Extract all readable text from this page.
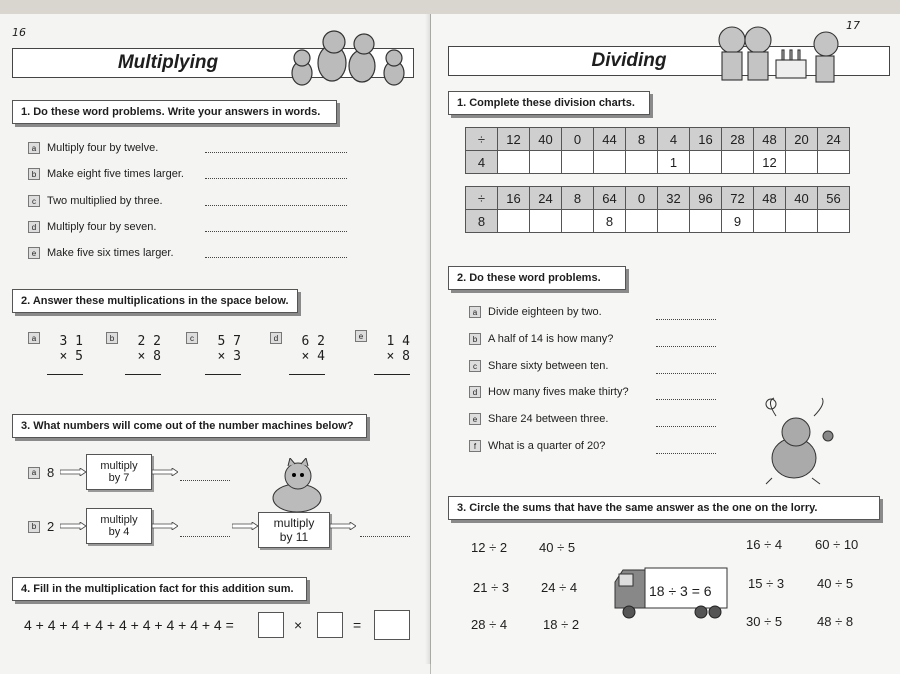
16
Multiplying
1. Do these word problems. Write your answers in words.
a Multiply four by twelve.
b Make eight five times larger.
c	Two multiplied by three.
d Multiply four by seven.
e Make five six times larger.
2. Answer these multiplications in the space below.
a	3 1
× 5
b	2 2
× 8
c	5 7
× 3
d	6 2
× 4
e	1 4
× 8
3. What numbers will come out of the number machines below?
a 8	multiply
by 7
b 2	multiply
by 4
multiply
by 11
4. Fill in the multiplication fact for this addition sum.
4 + 4 + 4 + 4 + 4 + 4 + 4 + 4 + 4 =	×	=
17
Dividing
1. Complete these division charts.
÷	12	40	0	44	8	4	16	28	48	20	24
4						1			12		
÷	16	24	8	64	0	32	96	72	48	40	56
8				8				9			
2. Do these word problems.
a Divide eighteen by two.
b A half of 14 is how many?
c	Share sixty between ten.
d How many fives make thirty?
e Share 24 between three.
f	What is a quarter of 20?
3. Circle the sums that have the same answer as the one on the lorry.
12 ÷ 2 40 ÷ 5	16 ÷ 4	60 ÷ 10
21 ÷ 3 24 ÷ 4	15 ÷ 3	40 ÷ 5
28 ÷ 4	18 ÷ 2	30 ÷ 5	48 ÷ 8
18 ÷ 3 = 6
